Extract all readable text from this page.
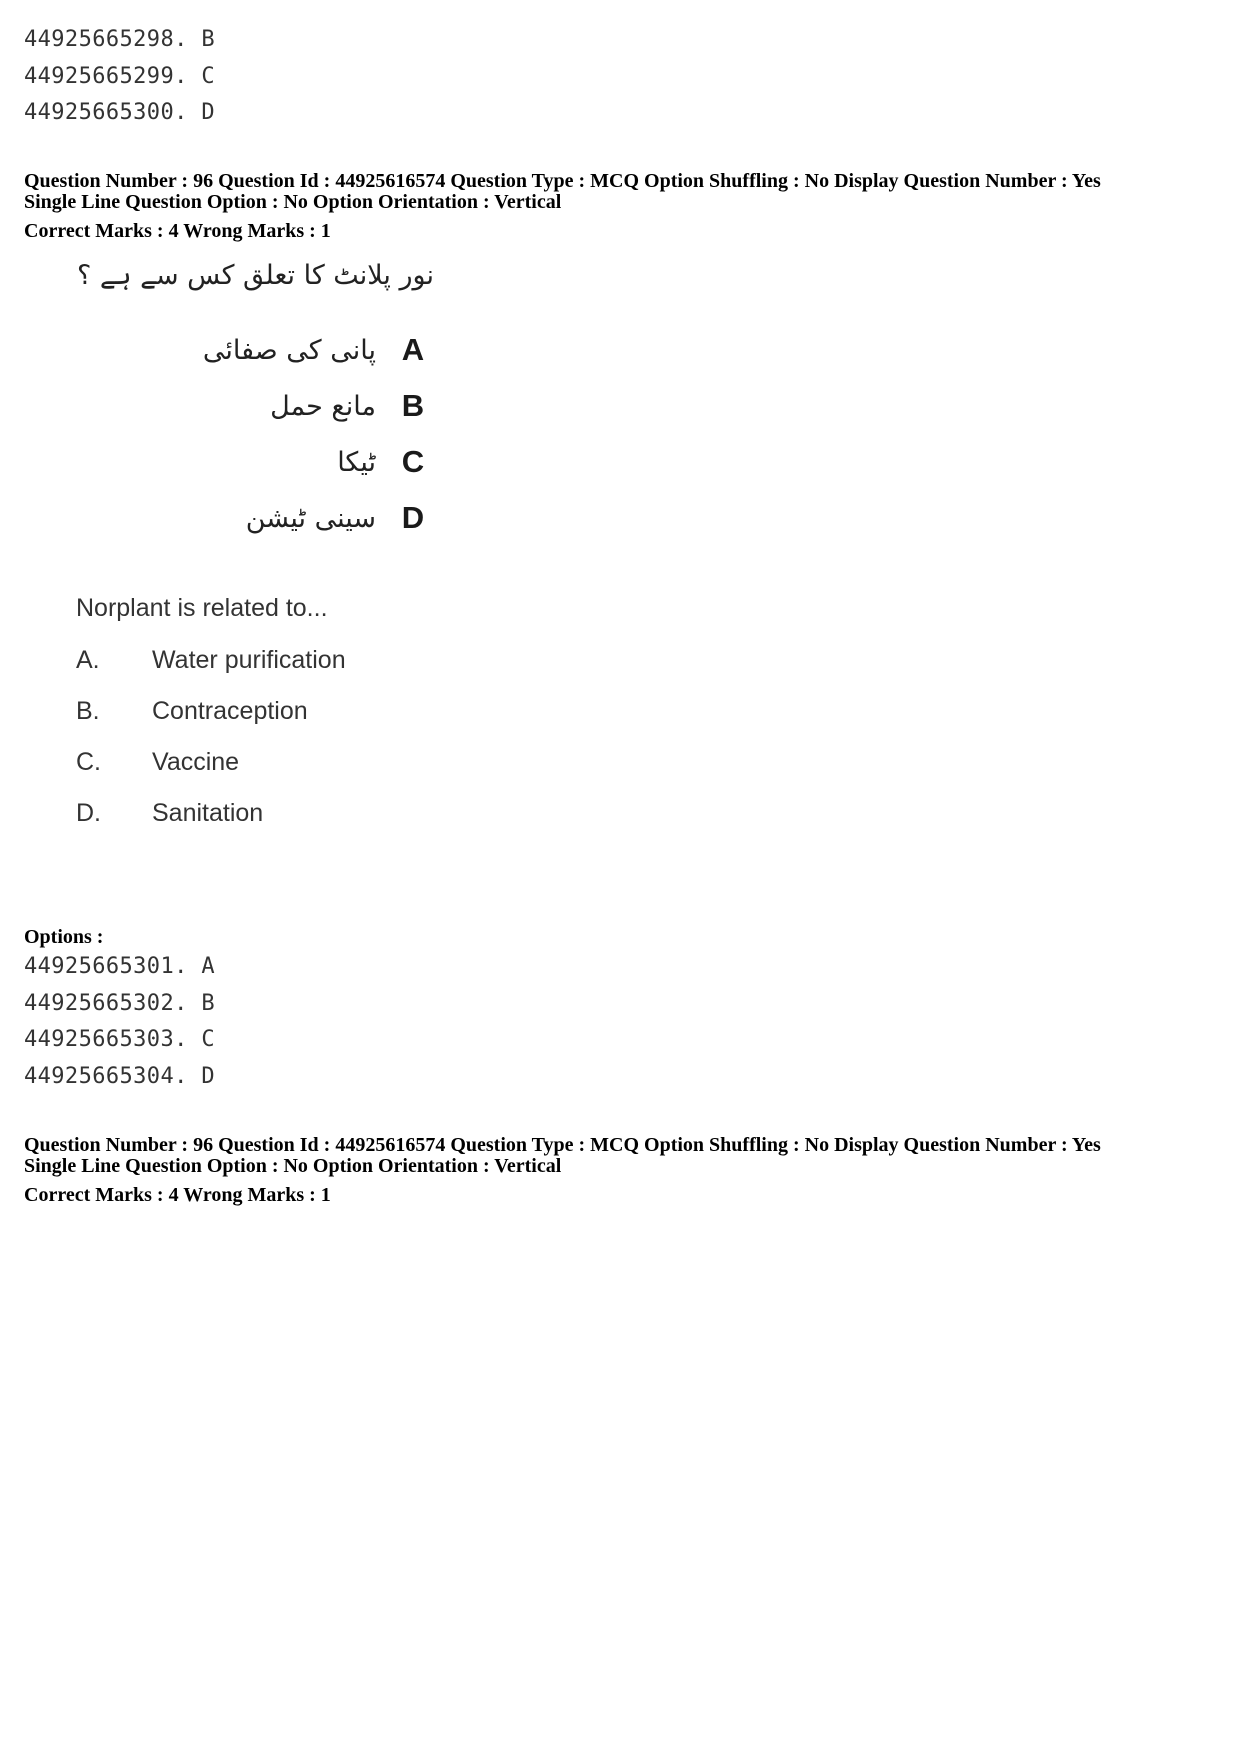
44925665298. B
44925665299. C
44925665300. D
Question Number : 96 Question Id : 44925616574 Question Type : MCQ Option Shuffling : No Display Question Number : Yes
Single Line Question Option : No Option Orientation : Vertical
Correct Marks : 4 Wrong Marks : 1
نور پلانٹ کا تعلق کس سے ہے ؟
A
پانی کی صفائی
B
مانع حمل
C
ٹیکا
D
سینی ٹیشن
Norplant is related to...
A. Water purification
B. Contraception
C. Vaccine
D. Sanitation
Options :
44925665301. A
44925665302. B
44925665303. C
44925665304. D
Question Number : 96 Question Id : 44925616574 Question Type : MCQ Option Shuffling : No Display Question Number : Yes
Single Line Question Option : No Option Orientation : Vertical
Correct Marks : 4 Wrong Marks : 1
